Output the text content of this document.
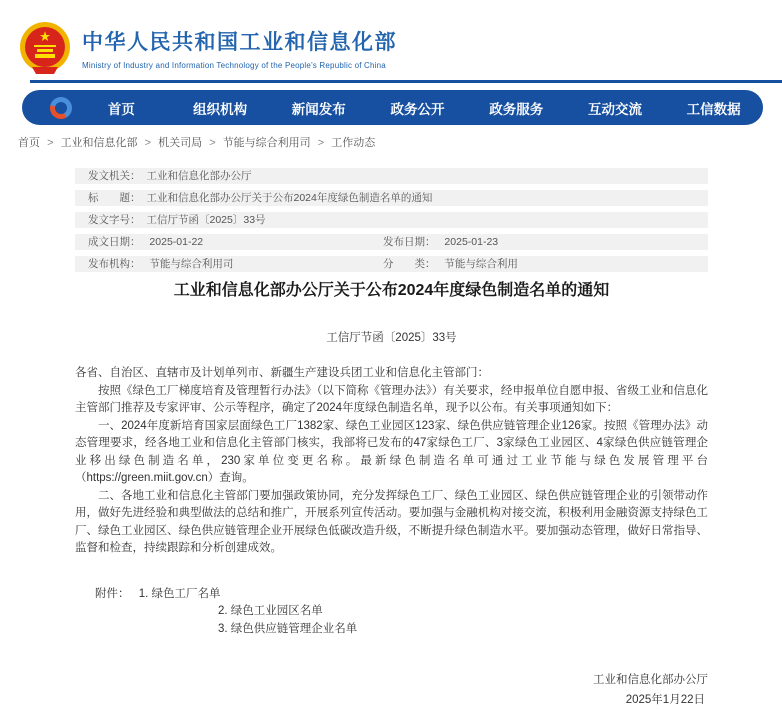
★ 中华人民共和国工业和信息化部
Ministry of Industry and Information Technology of the People's Republic of China
首页	组织机构	新闻发布	政务公开	政务服务	互动交流	工信数据
首页 > 工业和信息化部 > 机关司局 > 节能与综合利用司 > 工作动态
发文机关： 工业和信息化部办公厅
标　　题： 工业和信息化部办公厅关于公布2024年度绿色制造名单的通知
发文字号： 工信厅节函〔2025〕33号
成文日期： 2025-01-22	发布日期： 2025-01-23
发布机构： 节能与综合利用司	分　　类： 节能与综合利用
工业和信息化部办公厅关于公布2024年度绿色制造名单的通知
工信厅节函〔2025〕33号

各省、自治区、直辖市及计划单列市、新疆生产建设兵团工业和信息化主管部门：

按照《绿色工厂梯度培育及管理暂行办法》（以下简称《管理办法》）有关要求，经申报单位自愿申报、省级工业和信息化主管部门推荐及专家评审、公示等程序，确定了2024年度绿色制造名单，现予以公布。有关事项通知如下：

一、2024年度新培育国家层面绿色工厂1382家、绿色工业园区123家、绿色供应链管理企业126家。按照《管理办法》动态管理要求，经各地工业和信息化主管部门核实，我部将已发布的47家绿色工厂、3家绿色工业园区、4家绿色供应链管理企业移出绿色制造名单，230家单位变更名称。最新绿色制造名单可通过工业节能与绿色发展管理平台（https://green.miit.gov.cn）查询。

二、各地工业和信息化主管部门要加强政策协同，充分发挥绿色工厂、绿色工业园区、绿色供应链管理企业的引领带动作用，做好先进经验和典型做法的总结和推广，开展系列宣传活动。要加强与金融机构对接交流，积极利用金融资源支持绿色工厂、绿色工业园区、绿色供应链管理企业开展绿色低碳改造升级，不断提升绿色制造水平。要加强动态管理，做好日常指导、监督和检查，持续跟踪和分析创建成效。

附件： 1. 绿色工厂名单
2. 绿色工业园区名单
3. 绿色供应链管理企业名单
工业和信息化部办公厅
2025年1月22日
